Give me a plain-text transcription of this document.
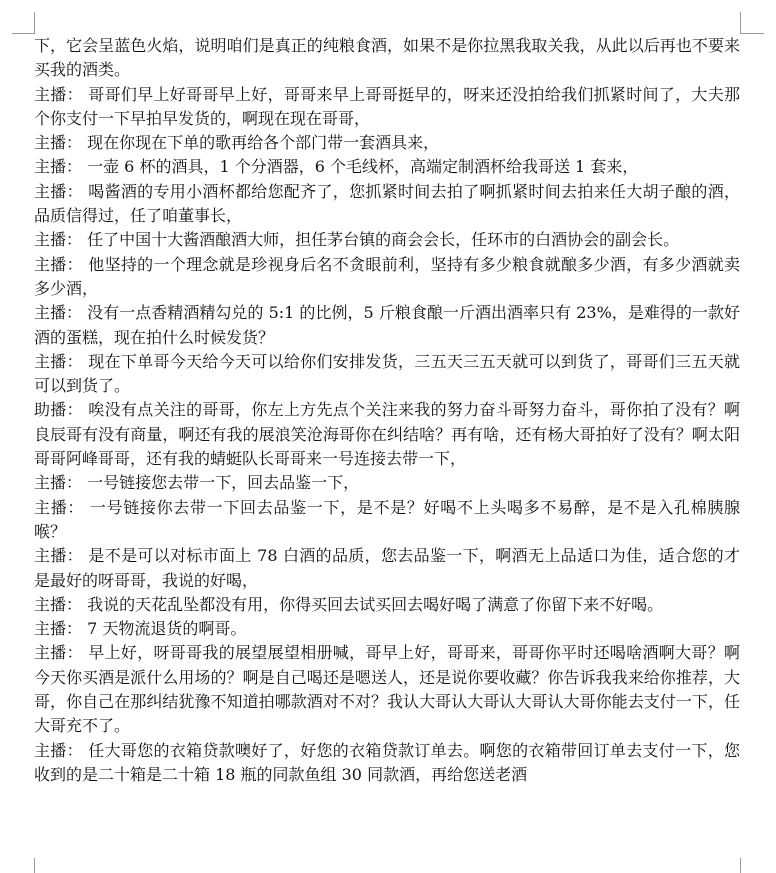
下，它会呈蓝色火焰，说明咱们是真正的纯粮食酒，如果不是你拉黑我取关我，从此以后再也不要来买我的酒类。

主播： 哥哥们早上好哥哥早上好，哥哥来早上哥哥挺早的，呀来还没拍给我们抓紧时间了，大夫那个你支付一下早拍早发货的，啊现在现在哥哥，

主播： 现在你现在下单的歌再给各个部门带一套酒具来，

主播： 一壶 6 杯的酒具，1 个分酒器，6 个毛线杯，高端定制酒杯给我哥送 1 套来，

主播： 喝酱酒的专用小酒杯都给您配齐了，您抓紧时间去拍了啊抓紧时间去拍来任大胡子酿的酒，品质信得过，任了咱董事长，

主播： 任了中国十大酱酒酿酒大师，担任茅台镇的商会会长，任环市的白酒协会的副会长。

主播： 他坚持的一个理念就是珍视身后名不贪眼前利，坚持有多少粮食就酿多少酒，有多少酒就卖多少酒，

主播： 没有一点香精酒精勾兑的 5:1 的比例，5 斤粮食酿一斤酒出酒率只有 23%，是难得的一款好酒的蛋糕，现在拍什么时候发货？

主播： 现在下单哥今天给今天可以给你们安排发货，三五天三五天就可以到货了，哥哥们三五天就可以到货了。

助播： 唉没有点关注的哥哥，你左上方先点个关注来我的努力奋斗哥努力奋斗，哥你拍了没有？啊良辰哥有没有商量，啊还有我的展浪笑沧海哥你在纠结啥？再有啥，还有杨大哥拍好了没有？啊太阳哥哥阿峰哥哥，还有我的蜻蜓队长哥哥来一号连接去带一下，

主播： 一号链接您去带一下，回去品鉴一下，

主播： 一号链接你去带一下回去品鉴一下，是不是？好喝不上头喝多不易醉，是不是入孔棉胰腺喉？

主播： 是不是可以对标市面上 78 白酒的品质，您去品鉴一下，啊酒无上品适口为佳，适合您的才是最好的呀哥哥，我说的好喝，

主播： 我说的天花乱坠都没有用，你得买回去试买回去喝好喝了满意了你留下来不好喝。

主播： 7 天物流退货的啊哥。

主播： 早上好，呀哥哥我的展望展望相册喊，哥早上好，哥哥来，哥哥你平时还喝啥酒啊大哥？啊今天你买酒是派什么用场的？啊是自己喝还是嗯送人，还是说你要收藏？你告诉我我来给你推荐，大哥，你自己在那纠结犹豫不知道拍哪款酒对不对？我认大哥认大哥认大哥认大哥你能去支付一下，任大哥充不了。

主播： 任大哥您的衣箱贷款噢好了，好您的衣箱贷款订单去。啊您的衣箱带回订单去支付一下，您收到的是二十箱是二十箱 18 瓶的同款鱼组 30 同款酒，再给您送老酒
